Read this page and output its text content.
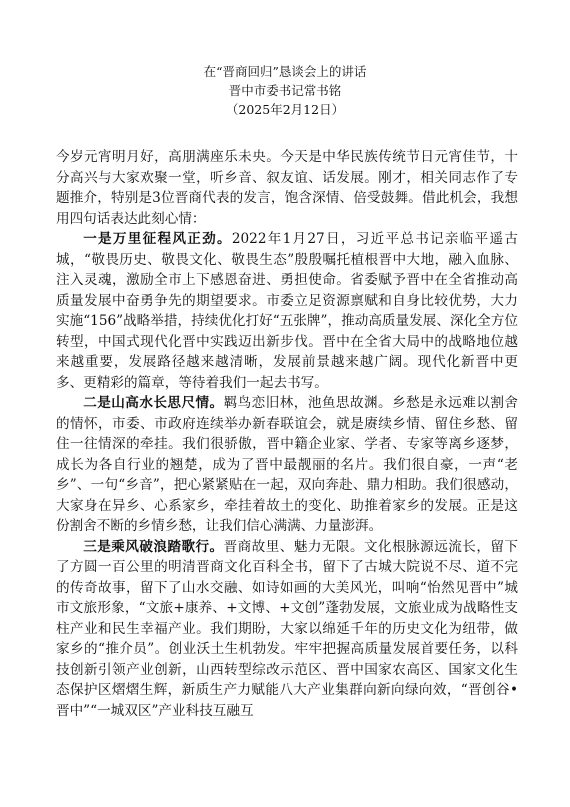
在“晋商回归”恳谈会上的讲话
晋中市委书记常书铭
（2025年2月12日）

今岁元宵明月好，高朋满座乐未央。今天是中华民族传统节日元宵佳节，十分高兴与大家欢聚一堂，听乡音、叙友谊、话发展。刚才，相关同志作了专题推介，特别是3位晋商代表的发言，饱含深情、倍受鼓舞。借此机会，我想用四句话表达此刻心情：

一是万里征程风正劲。2022年1月27日，习近平总书记亲临平遥古城，“敬畏历史、敬畏文化、敬畏生态”殷殷嘱托植根晋中大地，融入血脉、注入灵魂，激励全市上下感恩奋进、勇担使命。省委赋予晋中在全省推动高质量发展中奋勇争先的期望要求。市委立足资源禀赋和自身比较优势，大力实施“156”战略举措，持续优化打好“五张牌”，推动高质量发展、深化全方位转型，中国式现代化晋中实践迈出新步伐。晋中在全省大局中的战略地位越来越重要，发展路径越来越清晰，发展前景越来越广阔。现代化新晋中更多、更精彩的篇章，等待着我们一起去书写。

二是山高水长思尺情。羁鸟恋旧林，池鱼思故渊。乡愁是永远难以割舍的情怀，市委、市政府连续举办新春联谊会，就是赓续乡情、留住乡愁、留住一往情深的牵挂。我们很骄傲，晋中籍企业家、学者、专家等离乡逐梦，成长为各自行业的翘楚，成为了晋中最靓丽的名片。我们很自豪，一声“老乡”、一句“乡音”，把心紧紧贴在一起，双向奔赴、鼎力相助。我们很感动，大家身在异乡、心系家乡，牵挂着故土的变化、助推着家乡的发展。正是这份割舍不断的乡情乡愁，让我们信心满满、力量澎湃。

三是乘风破浪踏歌行。晋商故里、魅力无限。文化根脉源远流长，留下了方圆一百公里的明清晋商文化百科全书，留下了古城大院说不尽、道不完的传奇故事，留下了山水交融、如诗如画的大美风光，叫响“怡然见晋中”城市文旅形象，“文旅+康养、+文博、+文创”蓬勃发展，文旅业成为战略性支柱产业和民生幸福产业。我们期盼，大家以绵延千年的历史文化为纽带，做家乡的“推介员”。创业沃土生机勃发。牢牢把握高质量发展首要任务，以科技创新引领产业创新，山西转型综改示范区、晋中国家农高区、国家文化生态保护区熠熠生辉，新质生产力赋能八大产业集群向新向绿向效，“晋创谷•晋中”“一城双区”产业科技互融互
